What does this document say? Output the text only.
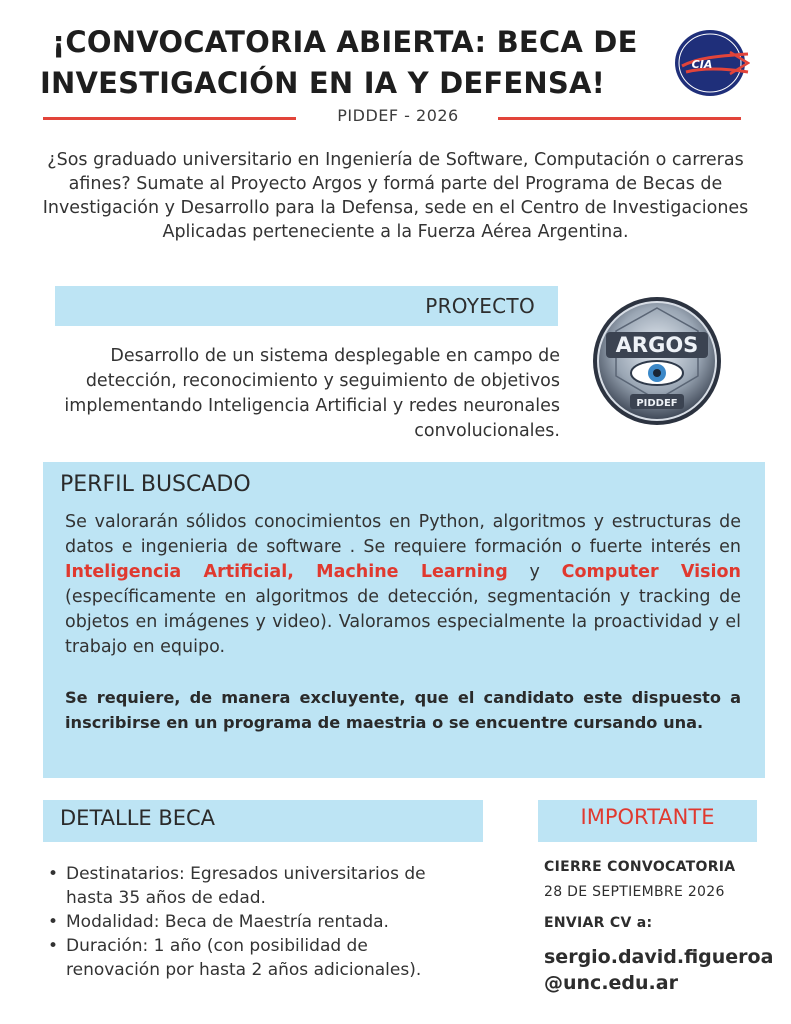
¡CONVOCATORIA ABIERTA: BECA DE
INVESTIGACIÓN EN IA Y DEFENSA!
CIA
PIDDEF - 2026
¿Sos graduado universitario en Ingeniería de Software, Computación o carreras afines? Sumate al Proyecto Argos y formá parte del Programa de Becas de Investigación y Desarrollo para la Defensa, sede en el Centro de Investigaciones Aplicadas perteneciente a la Fuerza Aérea Argentina.
PROYECTO
Desarrollo de un sistema desplegable en campo de detección, reconocimiento y seguimiento de objetivos implementando Inteligencia Artificial y redes neuronales convolucionales.
ARGOS
PIDDEF
PERFIL BUSCADO
Se valorarán sólidos conocimientos en Python, algoritmos y estructuras de datos e ingenieria de software . Se requiere formación o fuerte interés en Inteligencia Artificial, Machine Learning y Computer Vision (específicamente en algoritmos de detección, segmentación y tracking de objetos en imágenes y video). Valoramos especialmente la proactividad y el trabajo en equipo.
Se requiere, de manera excluyente, que el candidato este dispuesto a inscribirse en un programa de maestria o se encuentre cursando una.
DETALLE BECA
• Destinatarios: Egresados universitarios de hasta 35 años de edad.
• Modalidad: Beca de Maestría rentada.
• Duración: 1 año (con posibilidad de renovación por hasta 2 años adicionales).
IMPORTANTE
CIERRE CONVOCATORIA
28 DE SEPTIEMBRE 2026
ENVIAR CV a:
sergio.david.figueroa
@unc.edu.ar
